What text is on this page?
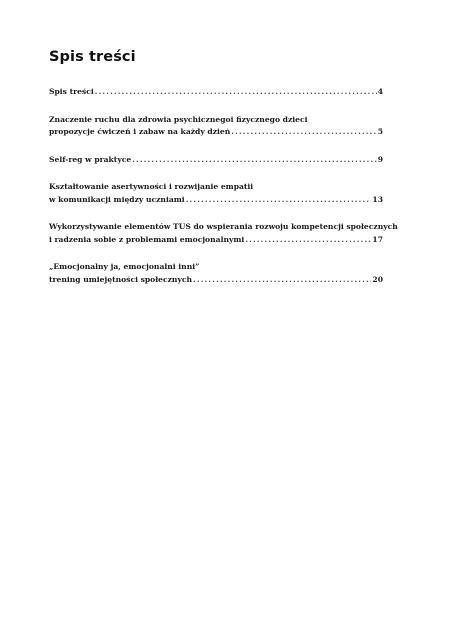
Spis treści
Spis treści .....	4
Znaczenie ruchu dla zdrowia psychicznegoi fizycznego dzieci
propozycje ćwiczeń i zabaw na każdy dzień .....	5
Self-reg w praktyce .....	9
Kształtowanie asertywności i rozwijanie empatii
w komunikacji między uczniami .....	13
Wykorzystywanie elementów TUS do wspierania rozwoju kompetencji społecznych
i radzenia sobie z problemami emocjonalnymi .....	17
„Emocjonalny ja, emocjonalni inni”
trening umiejętności społecznych .....	20
